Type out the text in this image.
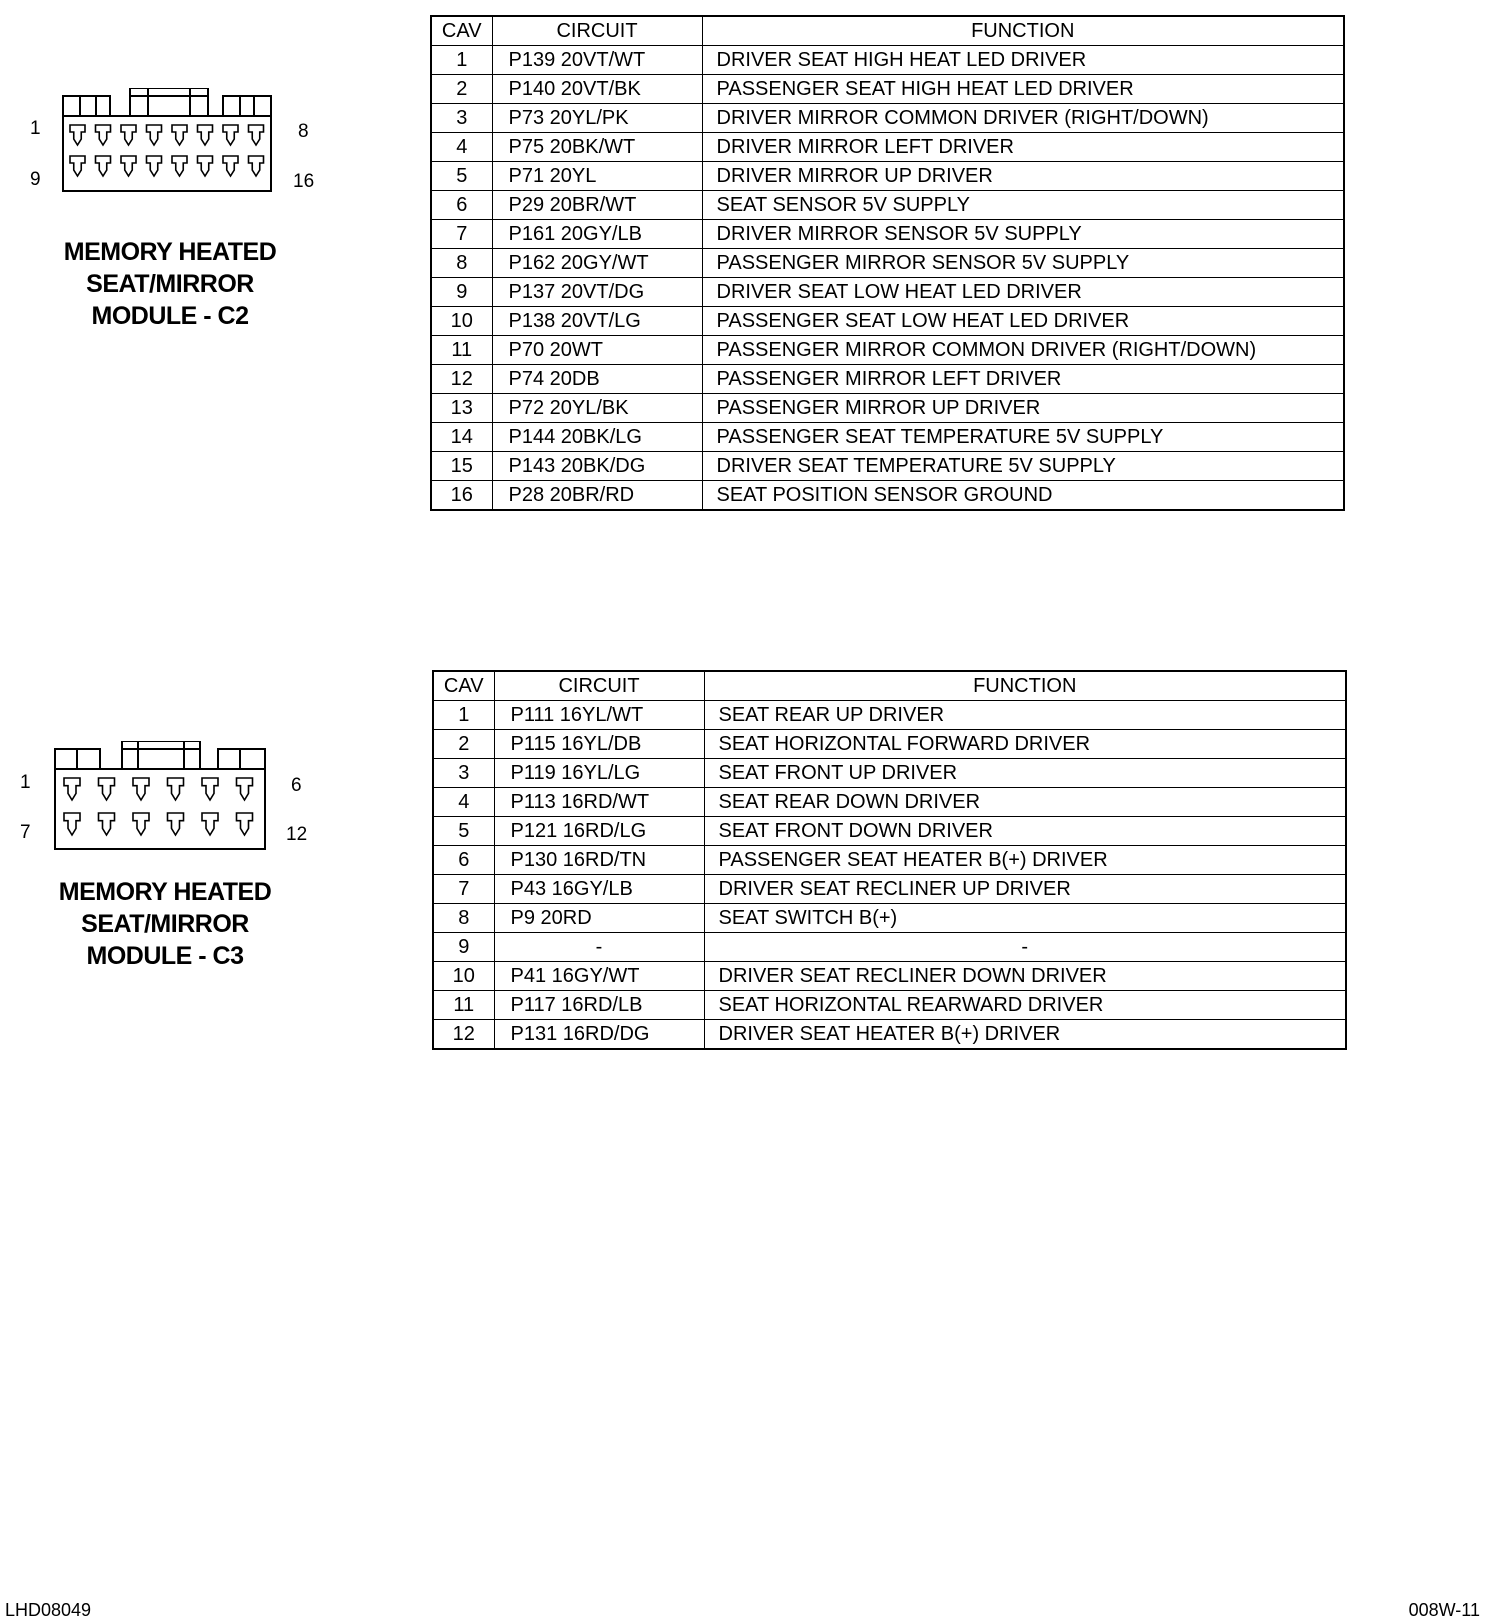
1	8
9	16
MEMORY HEATED
SEAT/MIRROR
MODULE - C2
CAV	CIRCUIT	FUNCTION
1	P139 20VT/WT	DRIVER SEAT HIGH HEAT LED DRIVER
2	P140 20VT/BK	PASSENGER SEAT HIGH HEAT LED DRIVER
3	P73 20YL/PK	DRIVER MIRROR COMMON DRIVER (RIGHT/DOWN)
4	P75 20BK/WT	DRIVER MIRROR LEFT DRIVER
5	P71 20YL	DRIVER MIRROR UP DRIVER
6	P29 20BR/WT	SEAT SENSOR 5V SUPPLY
7	P161 20GY/LB	DRIVER MIRROR SENSOR 5V SUPPLY
8	P162 20GY/WT	PASSENGER MIRROR SENSOR 5V SUPPLY
9	P137 20VT/DG	DRIVER SEAT LOW HEAT LED DRIVER
10	P138 20VT/LG	PASSENGER SEAT LOW HEAT LED DRIVER
11	P70 20WT	PASSENGER MIRROR COMMON DRIVER (RIGHT/DOWN)
12	P74 20DB	PASSENGER MIRROR LEFT DRIVER
13	P72 20YL/BK	PASSENGER MIRROR UP DRIVER
14	P144 20BK/LG	PASSENGER SEAT TEMPERATURE 5V SUPPLY
15	P143 20BK/DG	DRIVER SEAT TEMPERATURE 5V SUPPLY
16	P28 20BR/RD	SEAT POSITION SENSOR GROUND
1	6
7	12
MEMORY HEATED
SEAT/MIRROR
MODULE - C3
CAV	CIRCUIT	FUNCTION
1	P111 16YL/WT	SEAT REAR UP DRIVER
2	P115 16YL/DB	SEAT HORIZONTAL FORWARD DRIVER
3	P119 16YL/LG	SEAT FRONT UP DRIVER
4	P113 16RD/WT	SEAT REAR DOWN DRIVER
5	P121 16RD/LG	SEAT FRONT DOWN DRIVER
6	P130 16RD/TN	PASSENGER SEAT HEATER B(+) DRIVER
7	P43 16GY/LB	DRIVER SEAT RECLINER UP DRIVER
8	P9 20RD	SEAT SWITCH B(+)
9	-	-
10	P41 16GY/WT	DRIVER SEAT RECLINER DOWN DRIVER
11	P117 16RD/LB	SEAT HORIZONTAL REARWARD DRIVER
12	P131 16RD/DG	DRIVER SEAT HEATER B(+) DRIVER
LHD08049	008W-11
